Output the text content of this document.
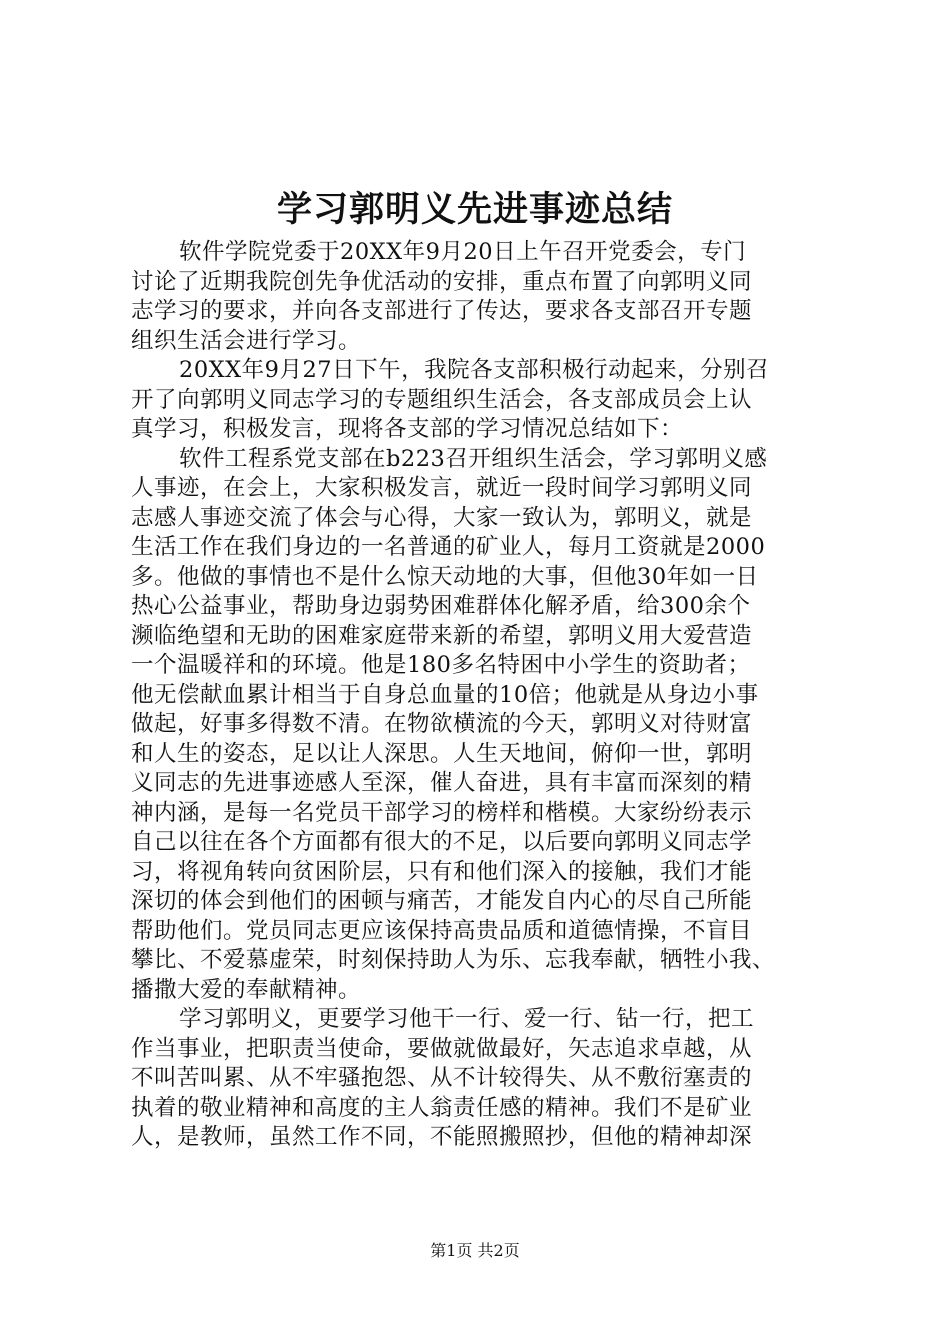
学习郭明义先进事迹总结
软件学院党委于20XX年9月20日上午召开党委会，专门
讨论了近期我院创先争优活动的安排，重点布置了向郭明义同
志学习的要求，并向各支部进行了传达，要求各支部召开专题
组织生活会进行学习。
20XX年9月27日下午，我院各支部积极行动起来，分别召
开了向郭明义同志学习的专题组织生活会，各支部成员会上认
真学习，积极发言，现将各支部的学习情况总结如下：
软件工程系党支部在b223召开组织生活会，学习郭明义感
人事迹，在会上，大家积极发言，就近一段时间学习郭明义同
志感人事迹交流了体会与心得，大家一致认为，郭明义，就是
生活工作在我们身边的一名普通的矿业人，每月工资就是2000
多。他做的事情也不是什么惊天动地的大事，但他30年如一日
热心公益事业，帮助身边弱势困难群体化解矛盾，给300余个
濒临绝望和无助的困难家庭带来新的希望，郭明义用大爱营造
一个温暖祥和的环境。他是180多名特困中小学生的资助者；
他无偿献血累计相当于自身总血量的10倍；他就是从身边小事
做起，好事多得数不清。在物欲横流的今天，郭明义对待财富
和人生的姿态，足以让人深思。人生天地间，俯仰一世，郭明
义同志的先进事迹感人至深，催人奋进，具有丰富而深刻的精
神内涵，是每一名党员干部学习的榜样和楷模。大家纷纷表示
自己以往在各个方面都有很大的不足，以后要向郭明义同志学
习，将视角转向贫困阶层，只有和他们深入的接触，我们才能
深切的体会到他们的困顿与痛苦，才能发自内心的尽自己所能
帮助他们。党员同志更应该保持高贵品质和道德情操，不盲目
攀比、不爱慕虚荣，时刻保持助人为乐、忘我奉献，牺牲小我、
播撒大爱的奉献精神。
学习郭明义，更要学习他干一行、爱一行、钻一行，把工
作当事业，把职责当使命，要做就做最好，矢志追求卓越，从
不叫苦叫累、从不牢骚抱怨、从不计较得失、从不敷衍塞责的
执着的敬业精神和高度的主人翁责任感的精神。我们不是矿业
人，是教师，虽然工作不同，不能照搬照抄，但他的精神却深
第1页 共2页
